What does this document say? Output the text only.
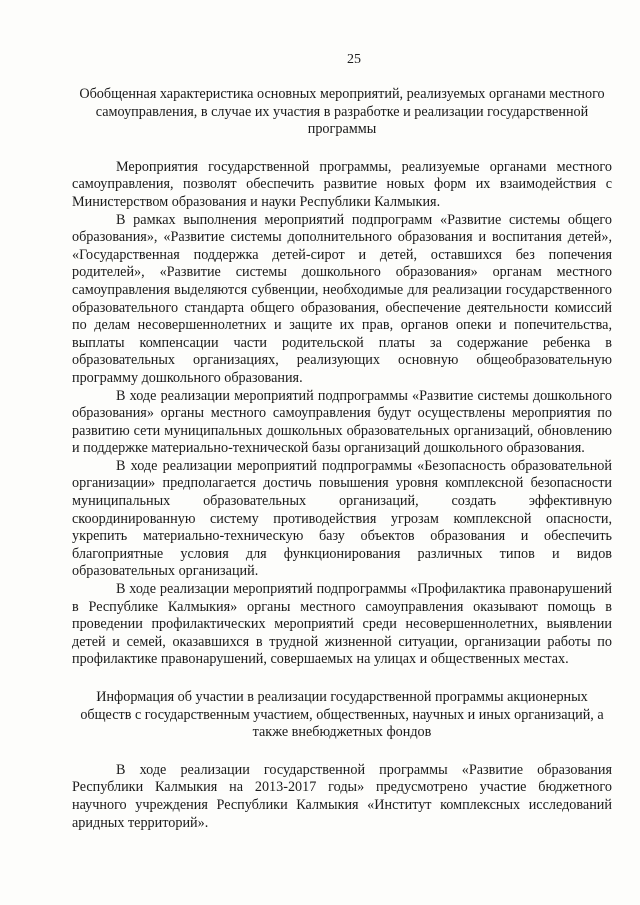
25

Обобщенная характеристика основных мероприятий, реализуемых органами местного самоуправления, в случае их участия в разработке и реализации государственной программы

Мероприятия государственной программы, реализуемые органами местного самоуправления, позволят обеспечить развитие новых форм их взаимодействия с Министерством образования и науки Республики Калмыкия.

В рамках выполнения мероприятий подпрограмм «Развитие системы общего образования», «Развитие системы дополнительного образования и воспитания детей», «Государственная поддержка детей-сирот и детей, оставшихся без попечения родителей», «Развитие системы дошкольного образования» органам местного самоуправления выделяются субвенции, необходимые для реализации государственного образовательного стандарта общего образования, обеспечение деятельности комиссий по делам несовершеннолетних и защите их прав, органов опеки и попечительства, выплаты компенсации части родительской платы за содержание ребенка в образовательных организациях, реализующих основную общеобразовательную программу дошкольного образования.

В ходе реализации мероприятий подпрограммы «Развитие системы дошкольного образования» органы местного самоуправления будут осуществлены мероприятия по развитию сети муниципальных дошкольных образовательных организаций, обновлению и поддержке материально-технической базы организаций дошкольного образования.

В ходе реализации мероприятий подпрограммы «Безопасность образовательной организации» предполагается достичь повышения уровня комплексной безопасности муниципальных образовательных организаций, создать эффективную скоординированную систему противодействия угрозам комплексной опасности, укрепить материально-техническую базу объектов образования и обеспечить благоприятные условия для функционирования различных типов и видов образовательных организаций.

В ходе реализации мероприятий подпрограммы «Профилактика правонарушений в Республике Калмыкия» органы местного самоуправления оказывают помощь в проведении профилактических мероприятий среди несовершеннолетних, выявлении детей и семей, оказавшихся в трудной жизненной ситуации, организации работы по профилактике правонарушений, совершаемых на улицах и общественных местах.

Информация об участии в реализации государственной программы акционерных обществ с государственным участием, общественных, научных и иных организаций, а также внебюджетных фондов

В ходе реализации государственной программы «Развитие образования Республики Калмыкия на 2013-2017 годы» предусмотрено участие бюджетного научного учреждения Республики Калмыкия «Институт комплексных исследований аридных территорий».
